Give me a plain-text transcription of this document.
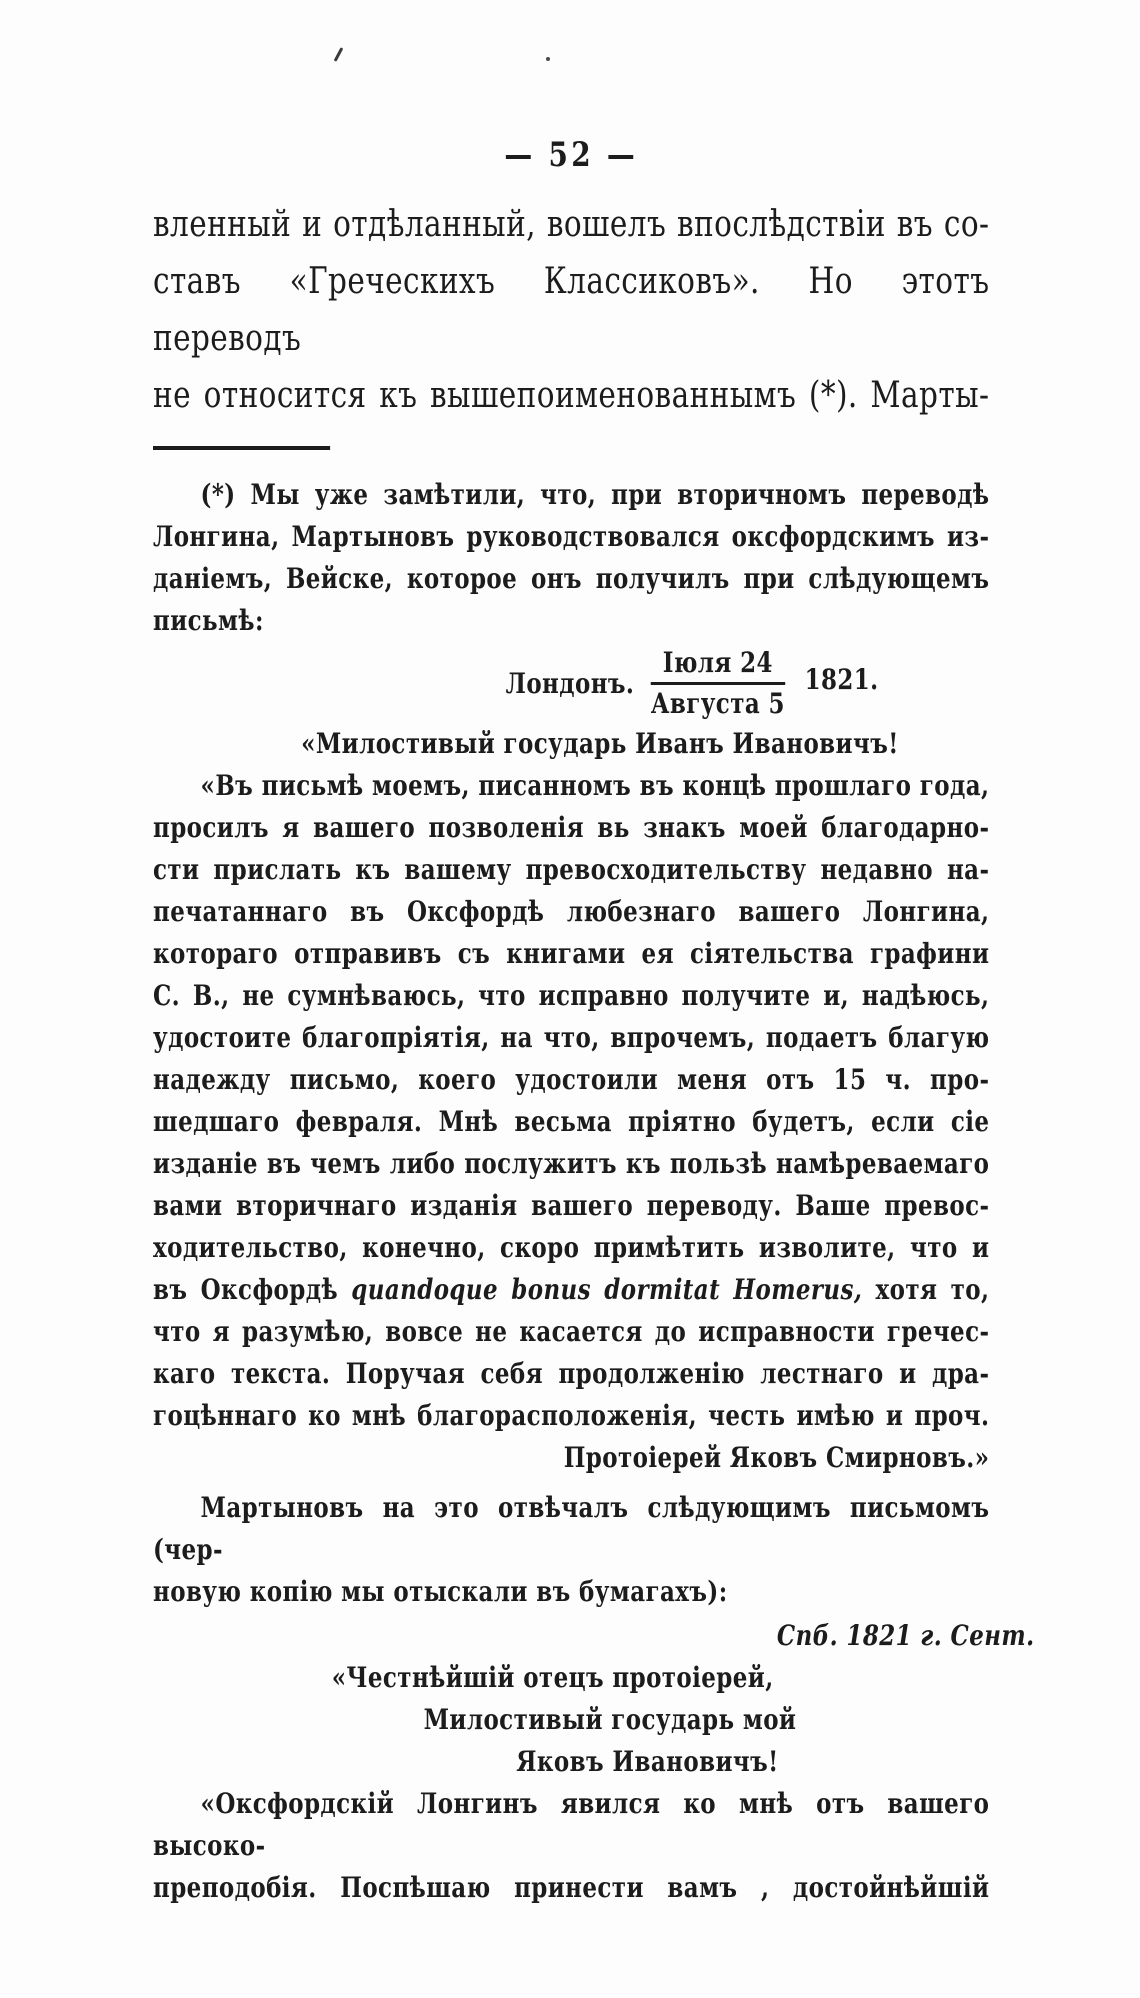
— 52 —
вленный и отдѣланный, вошелъ впослѣдствіи въ со-
ставъ «Греческихъ Классиковъ». Но этотъ переводъ
не относится къ вышепоименованнымъ (*). Марты-
(*) Мы уже замѣтили, что, при вторичномъ переводѣ
Лонгина, Мартыновъ руководствовался оксфордскимъ из-
даніемъ, Вейске, которое онъ получилъ при слѣдующемъ
письмѣ:
Лондонъ. $\frac{\text{Іюля 24}}{\text{Августа 5}} 1821$.
«Милостивый государь Иванъ Ивановичъ!
«Въ письмѣ моемъ, писанномъ въ концѣ прошлаго года,
просилъ я вашего позволенія вь знакъ моей благодарно-
сти прислать къ вашему превосходительству недавно на-
печатаннаго въ Оксфордѣ любезнаго вашего Лонгина,
котораго отправивъ съ книгами ея сіятельства графини
С. В., не сумнѣваюсь, что исправно получите и, надѣюсь,
удостоите благопріятія, на что, впрочемъ, подаетъ благую
надежду письмо, коего удостоили меня отъ 15 ч. про-
шедшаго февраля. Мнѣ весьма пріятно будетъ, если сіе
изданіе въ чемъ либо послужитъ къ пользѣ намѣреваемаго
вами вторичнаго изданія вашего переводу. Ваше превос-
ходительство, конечно, скоро примѣтить изволите, что и
въ Оксфордѣ quandoque bonus dormitat Homerus, хотя то,
что я разумѣю, вовсе не касается до исправности гречес-
каго текста. Поручая себя продолженію лестнаго и дра-
гоцѣннаго ко мнѣ благорасположенія, честь имѣю и проч.
Протоіерей Яковъ Смирновъ.»
Мартыновъ на это отвѣчалъ слѣдующимъ письмомъ (чер-
новую копію мы отыскали въ бумагахъ):
Спб. 1821 г. Сент.
«Честнѣйшій отецъ протоіерей,
Милостивый государь мой
Яковъ Ивановичъ!
«Оксфордскій Лонгинъ явился ко мнѣ отъ вашего высоко-
преподобія. Поспѣшаю принести вамъ , достойнѣйшій
